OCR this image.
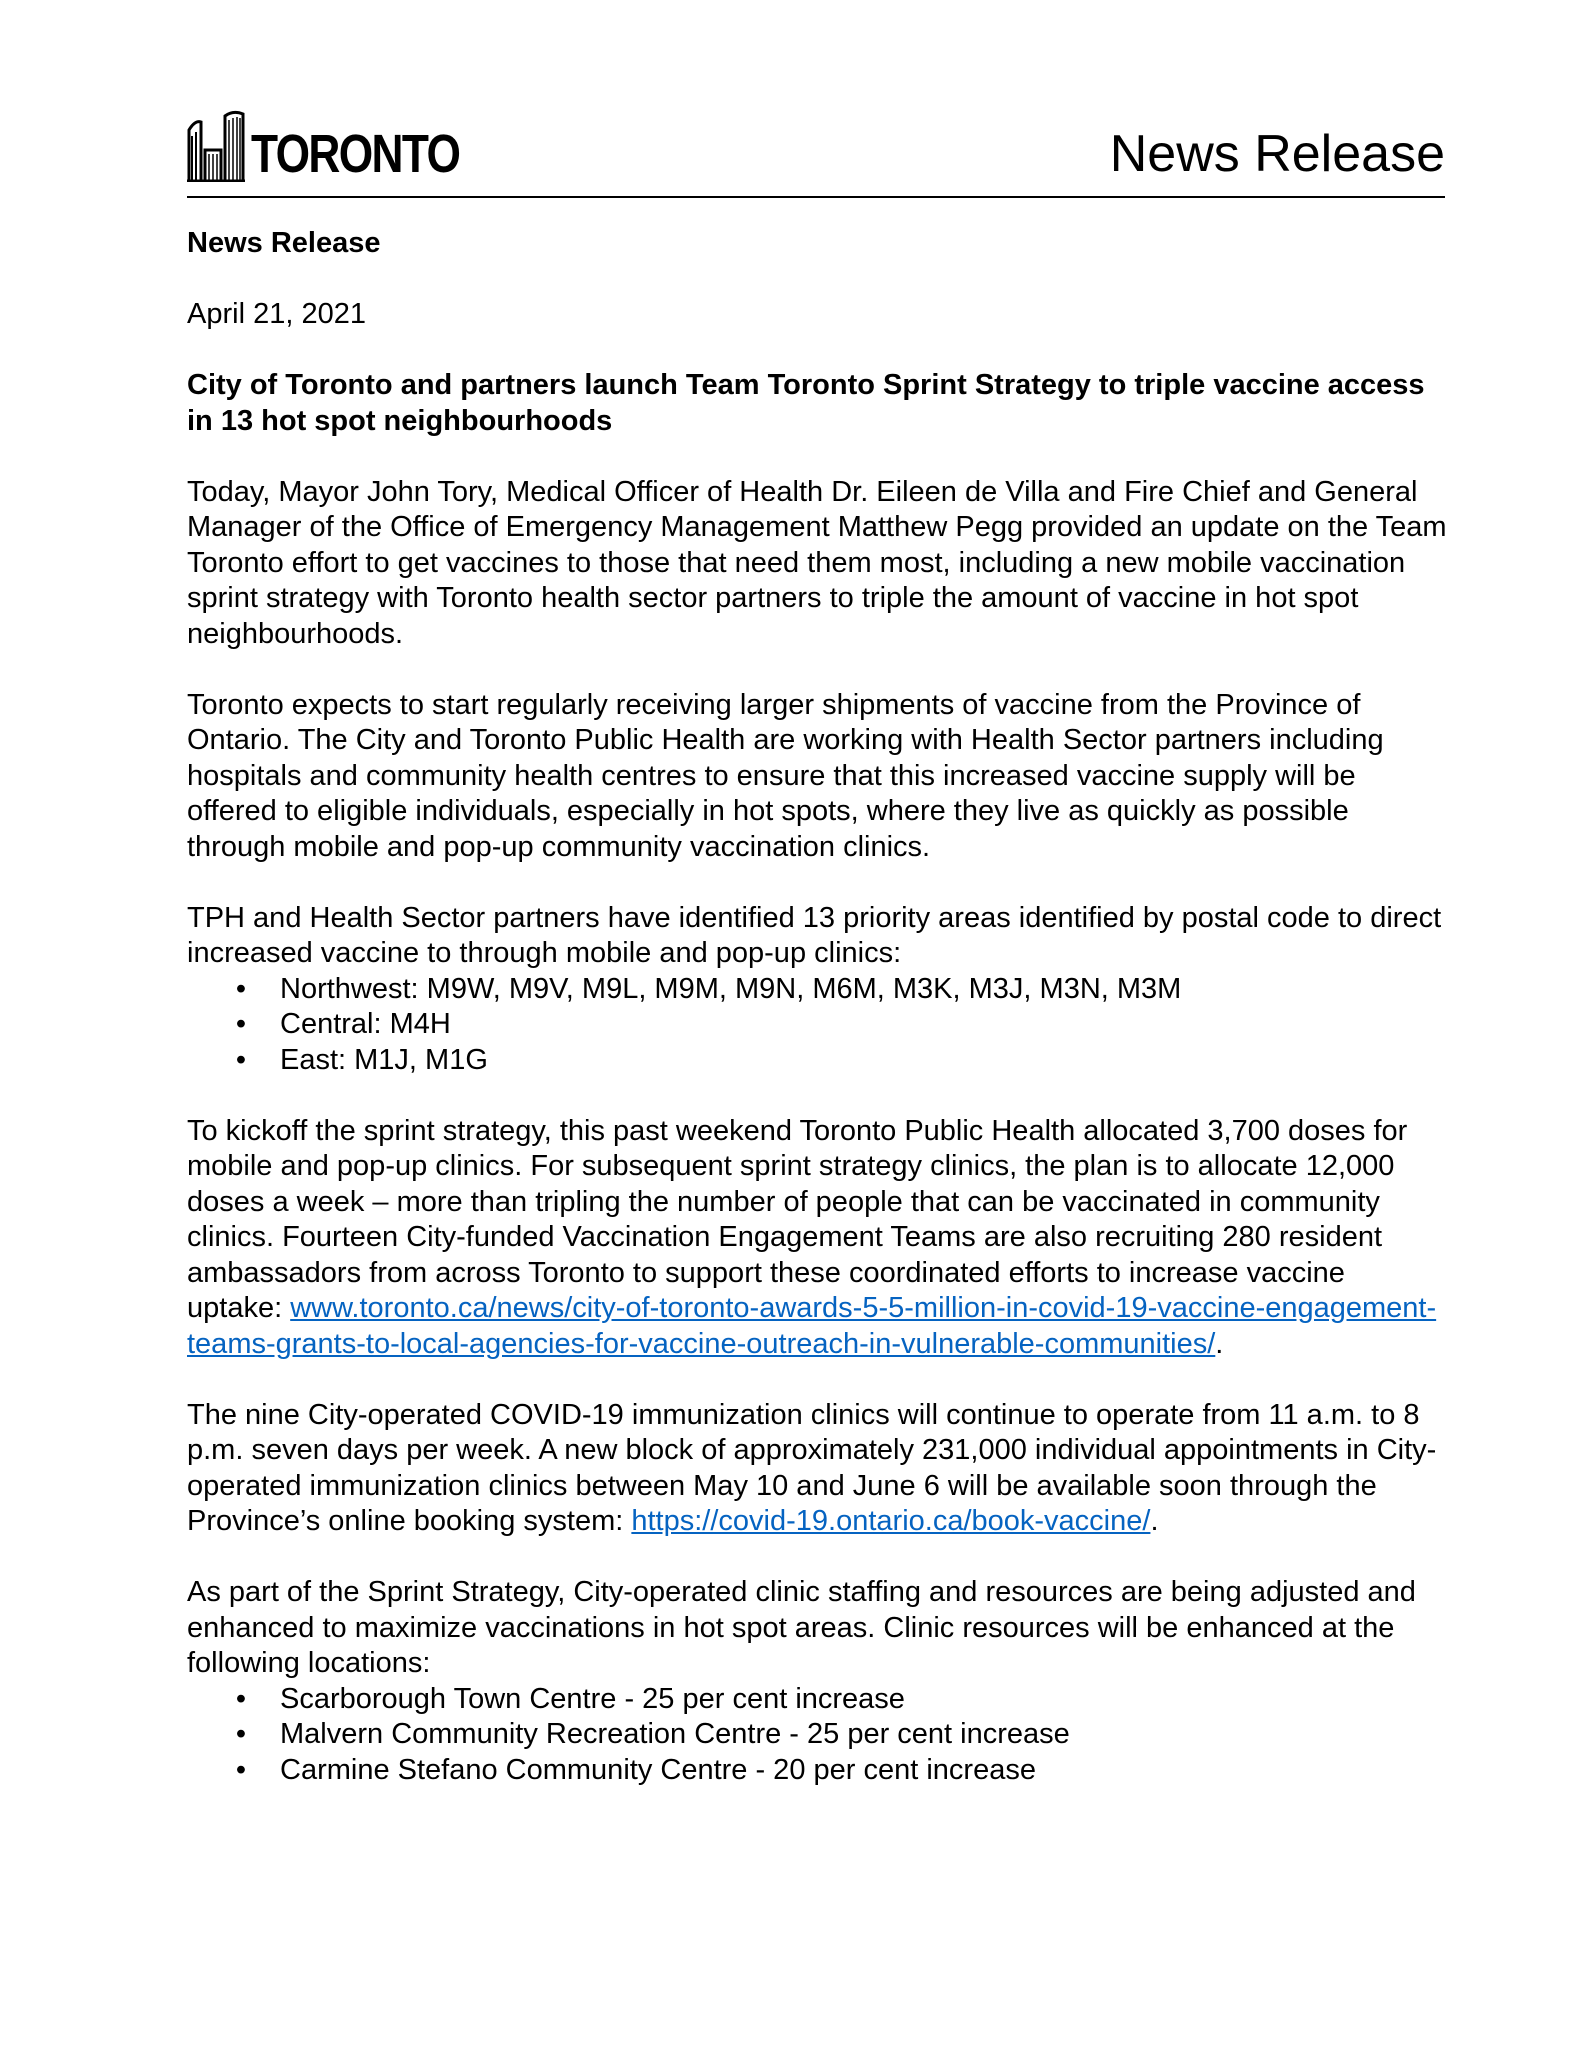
TORONTO	News Release

News Release

April 21, 2021

City of Toronto and partners launch Team Toronto Sprint Strategy to triple vaccine access in 13 hot spot neighbourhoods

Today, Mayor John Tory, Medical Officer of Health Dr. Eileen de Villa and Fire Chief and General Manager of the Office of Emergency Management Matthew Pegg provided an update on the Team Toronto effort to get vaccines to those that need them most, including a new mobile vaccination sprint strategy with Toronto health sector partners to triple the amount of vaccine in hot spot neighbourhoods.

Toronto expects to start regularly receiving larger shipments of vaccine from the Province of Ontario. The City and Toronto Public Health are working with Health Sector partners including hospitals and community health centres to ensure that this increased vaccine supply will be offered to eligible individuals, especially in hot spots, where they live as quickly as possible through mobile and pop-up community vaccination clinics.

TPH and Health Sector partners have identified 13 priority areas identified by postal code to direct increased vaccine to through mobile and pop-up clinics:

• Northwest: M9W, M9V, M9L, M9M, M9N, M6M, M3K, M3J, M3N, M3M
• Central: M4H
• East: M1J, M1G

To kickoff the sprint strategy, this past weekend Toronto Public Health allocated 3,700 doses for mobile and pop-up clinics. For subsequent sprint strategy clinics, the plan is to allocate 12,000 doses a week – more than tripling the number of people that can be vaccinated in community clinics. Fourteen City-funded Vaccination Engagement Teams are also recruiting 280 resident ambassadors from across Toronto to support these coordinated efforts to increase vaccine uptake: www.toronto.ca/news/city-of-toronto-awards-5-5-million-in-covid-19-vaccine-engagement-teams-grants-to-local-agencies-for-vaccine-outreach-in-vulnerable-communities/.

The nine City-operated COVID-19 immunization clinics will continue to operate from 11 a.m. to 8 p.m. seven days per week. A new block of approximately 231,000 individual appointments in City-operated immunization clinics between May 10 and June 6 will be available soon through the Province’s online booking system: https://covid-19.ontario.ca/book-vaccine/.

As part of the Sprint Strategy, City-operated clinic staffing and resources are being adjusted and enhanced to maximize vaccinations in hot spot areas. Clinic resources will be enhanced at the following locations:

• Scarborough Town Centre - 25 per cent increase
• Malvern Community Recreation Centre - 25 per cent increase
• Carmine Stefano Community Centre - 20 per cent increase
